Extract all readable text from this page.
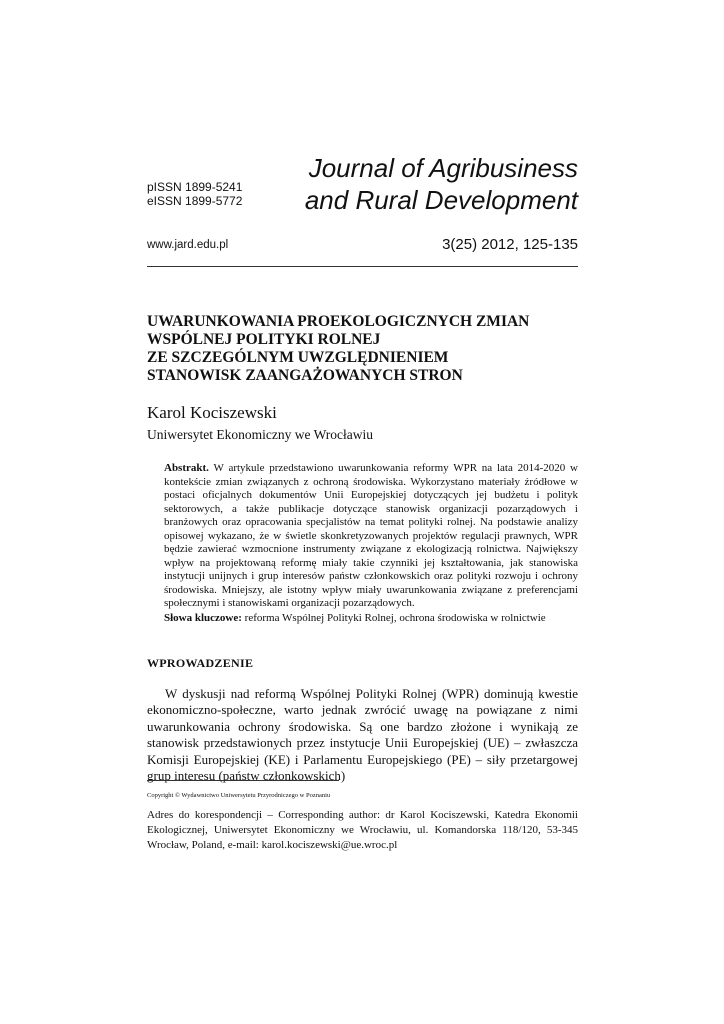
pISSN 1899-5241
eISSN 1899-5772
Journal of Agribusiness
and Rural Development
www.jard.edu.pl	3(25) 2012, 125-135
UWARUNKOWANIA PROEKOLOGICZNYCH ZMIAN
WSPÓLNEJ POLITYKI ROLNEJ
ZE SZCZEGÓLNYM UWZGLĘDNIENIEM
STANOWISK ZAANGAŻOWANYCH STRON
Karol Kociszewski
Uniwersytet Ekonomiczny we Wrocławiu
Abstrakt. W artykule przedstawiono uwarunkowania reformy WPR na lata 2014-2020 w kontekście zmian związanych z ochroną środowiska. Wykorzystano materiały źródłowe w postaci oficjalnych dokumentów Unii Europejskiej dotyczących jej budżetu i polityk sektorowych, a także publikacje dotyczące stanowisk organizacji pozarządowych i branżowych oraz opracowania specjalistów na temat polityki rolnej. Na podstawie analizy opisowej wykazano, że w świetle skonkretyzowanych projektów regulacji prawnych, WPR będzie zawierać wzmocnione instrumenty związane z ekologizacją rolnictwa. Największy wpływ na projektowaną reformę miały takie czynniki jej kształtowania, jak stanowiska instytucji unijnych i grup interesów państw członkowskich oraz polityki rozwoju i ochrony środowiska. Mniejszy, ale istotny wpływ miały uwarunkowania związane z preferencjami społecznymi i stanowiskami organizacji pozarządowych.
Słowa kluczowe: reforma Wspólnej Polityki Rolnej, ochrona środowiska w rolnictwie
WPROWADZENIE
W dyskusji nad reformą Wspólnej Polityki Rolnej (WPR) dominują kwestie ekonomiczno-społeczne, warto jednak zwrócić uwagę na powiązane z nimi uwarunkowania ochrony środowiska. Są one bardzo złożone i wynikają ze stanowisk przedstawionych przez instytucje Unii Europejskiej (UE) – zwłaszcza Komisji Europejskiej (KE) i Parlamentu Europejskiego (PE) – siły przetargowej grup interesu (państw członkowskich)
Copyright © Wydawnictwo Uniwersytetu Przyrodniczego w Poznaniu
Adres do korespondencji – Corresponding author: dr Karol Kociszewski, Katedra Ekonomii Ekologicznej, Uniwersytet Ekonomiczny we Wrocławiu, ul. Komandorska 118/120, 53-345 Wrocław, Poland, e-mail: karol.kociszewski@ue.wroc.pl
